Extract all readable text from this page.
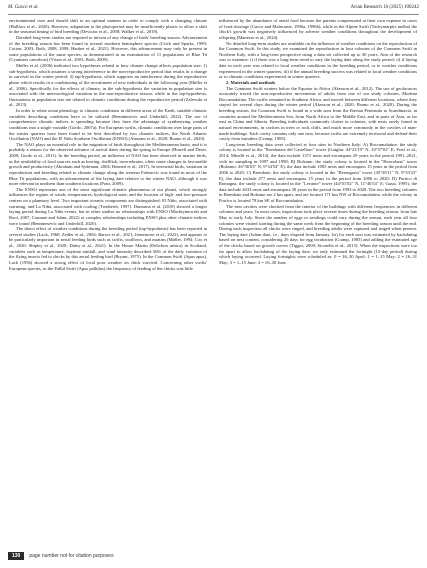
M. Gasco et al.	Avian Research 16 (2025) 100242

environmental cues and should shift to an optimal manner in order to comply with a changing climate (Hallfors et al., 2020). However, adaptation to the photoperiod may be insufficiently plastic to allow a shift in the seasonal timing of bird breeding (Devictor et al., 2008; Walker et al., 2019).

Detailed long-term studies are required to inform of any change of birds' breeding season. Advancement of the breeding season has been found in several northern hemisphere species (Crick and Sparks, 1999; Cotton, 2003; Both, 2008, 2009; Hauber et al., 2021). However, this advancement may only be present in some populations of the same species, as demonstrated in an examination of 11 populations of Blue Tit (Cyanistes caeruleus) (Visser et al., 2003; Both, 2009).

Møller et al. (2006) indicated two hypotheses related to how climate change affects population size: 1) sub-hypothesis, which assumes a strong interference in the non-reproductive period that results in a change in survival in the winter period; 2) tap-hypothesis, which supposes an interference during the reproductive phase which results in a conditioning of the recruitment of new individuals in the following year (Møller et al., 2006). Specifically for the effects of climate, in the sub-hypothesis the variation in population size is associated with the meteorological variation in the non-reproductive season, while in the tap-hypothesis, fluctuations in population size are related to climatic conditions during the reproductive period (Zalewski et al., 2013).

In order to relate avian phenology to climatic conditions in different areas of the Earth, suitable climatic variables describing conditions have to be utilized (Benninesevic and Underhill, 2022). The use of comprehensive climatic indices is spreading because they have the advantage of synthesizing weather conditions into a single variable (Gordo, 2007a). For European swifts, climatic conditions over large parts of the winter quarters have been found to be best described by two climatic indices, the North Atlantic Oscillation (NAO) and the El Niño Southern Oscillation (ENSO) (Ainsrani et al., 2020; Boano et al., 2020).

The NAO plays an essential role in the migration of birds throughout the Mediterranean basin, and it is probably a reason for the observed advance of arrival dates during the spring in Europe (Hurrell and Deser, 2009; Gordo et al., 2011). In the breeding period, an influence of NAO has been observed in marine birds, as the availability of food sources such as herring, shellfish, invertebrates, often cause changes in favourable growth and productivity (Abraham and Sydeman, 2004; Bennett et al., 2017). In terrestrial birds, variation in reproduction and breeding related to climate change along the western Palearctic was found in most of the Blue Tit populations, with an advancement of the laying date relative to the winter NAO, although it was more relevant in northern than southern locations (Pratt, 2009).

The ENSO represents one of the most significant climatic phenomena of our planet, which strongly influences the regime of winds, temperatures, hydrological state, and the location of high- and low-pressure centers on a planetary level. Two important oceanic components are distinguished: El Niño, associated with warming, and La Niña, associated with cooling (Trenberth, 1997). Dunrama et al. (2018) showed a longer laying period during La Niña events, but in other studies no relationships with ENSO (Machtymowski and Root, 2007; Connare and Islam, 2022) or complex relationships including ENSO plus other climatic indices were found (Benninesevic and Underhill, 2020).

The direct effect of weather conditions during the breeding period (tap-hypothesis) has been reported in several studies (Lack, 1960; Zedler et al., 2004; Barros et al., 2021; Jensenrose et al., 2022), and appears to be particularly important in aerial feeding birds such as swifts, swallows, and martins (Møller, 1994; Cox et al., 2020; Shipley et al., 2020; Daley et al., 2021). In the House Martin (Delichon urbica) in Scotland, variables such as temperature, daytime rainfall, and wind intensity described 56% of the daily variation of the flying insects fed to chicks by this aerial feeding bird (Bryant, 1975). In the Common Swift (Apus apus), Lack (1956) showed a strong effect of local poor weather on chick survival. Concerning other swifts' European species, in the Pallid Swift (Apus pallidus) the frequency of feeding of the chicks was little

influenced by the abundance of aerial food because the parents compensated at their own expense in cases of food shortage (Cucco and Malacarne, 1996a, 1996b), while in the Alpine Swift (Tachymarptis melba) the chick's growth was negatively influenced by adverse weather conditions throughout the development of offspring (Manzero et al., 2024).

No detailed long-term studies are available on the influence of weather conditions on the reproduction of the Common Swift. In this study, we examined the reproduction in four colonies of the Common Swift in Northern Italy, with a long-term perspective using a data set collected up to 30 years. Aim of the research was to examine: i) if there was a long-term trend to vary the laying date along the study period; ii) if laying date in each year was related to local weather conditions in the breeding period, or to weather conditions experienced in the winter quarters; iii) if the annual breeding success was related to local weather conditions or to climatic conditions experienced in winter quarters.

2. Materials and methods

The Common Swift winters below the Equator in Africa (Åkesson et al., 2012). The use of geolocators accurately traced the non-reproductive movements of adults from one of our study colonies, Modena Roccamalatina. The swifts remained in Southern Africa, and moved between different locations, where they stayed for several days during the winter period (Åkesson et al., 2020; Boano et al., 2020). During the breeding season, the Common Swift is found in a wide area from the Iberian Peninsula to Scandinavia, in countries around the Mediterranean Sea, from North Africa to the Middle East, and in parts of Asia, as far east as China and Siberia. Breeding individuals commonly cluster in colonies, with nests rarely found in natural environments, in cavities in trees or rock cliffs, and much more commonly in the cavities of man-made buildings. Each cavity contains only one nest, because swifts are extremely territorial and defend their cavity from intruders (Cramp, 1985).

Long-term breeding data were collected at four sites in Northern Italy: A) Roccamalatina: the study colony is located in the "Rondonaia del Castellaro" tower (Guiglia: 44°23'19" N, 10°57'02" E; Ferri et al., 2014; Minelli et al., 2014), the data include 1371 nests and encompass 29 years in the period 1991–2021, with no sampling in 1997 and 1998; B) Bolzano: the study colony is located in the "Roncolano" tower (Bolzano: 46°36'03" N, 9°34'54" E), the data include 1005 nests and encompass 15 years in the period from 2006 to 2020; C) Brembate, the study colony is located in the "Berengario" tower (45°36'11" N, 9°33'23" E), the data include 477 nests and encompass 15 years in the period from 2006 to 2020; D) Portico di Romagna, the study colony is located in the "Levante" tower (44°01'02" N, 11°46'54" E; Gassi, 1995), the data include 2633 nests and encompass 30 years in the period from 1993 to 2020. The two breeding colonies in Brembate and Bolzano are 2 km apart, and are located 171 km NW of Roccamalatina, while the colony in Portico is located 78 km SE of Roccamalatina.

The nest cavities were checked from the interior of the buildings with different frequencies in different colonies and years. In most cases, inspections took place several times during the breeding season, from late May to early July. Since the number of eggs or nestlings could vary during the season, each year all four colonies were visited starting during the same week from the beginning of the breeding season until the end. During each inspection all chicks were ringed, and breeding adults were captured and ringed when present. The laying date (Julian date, i.e., days elapsed from January 1st) for each nest was estimated by backdating based on nest content, considering 20 days for egg incubation (Cramp, 1985) and adding the estimated age of the chicks based on growth curves (Tigges, 2000; Sicurella et al., 2015). When the inspections were too far apart to allow backdating of the laying date, we only estimated the fortnight (15-day period) during which laying occurred. Laying fortnights were scheduled as: 0 = 16–30 April; 1 = 1–15 May; 2 = 16–31 May; 3 = 1–15 June; 4 = 16–30 June.

130	page number not for citation purposes
